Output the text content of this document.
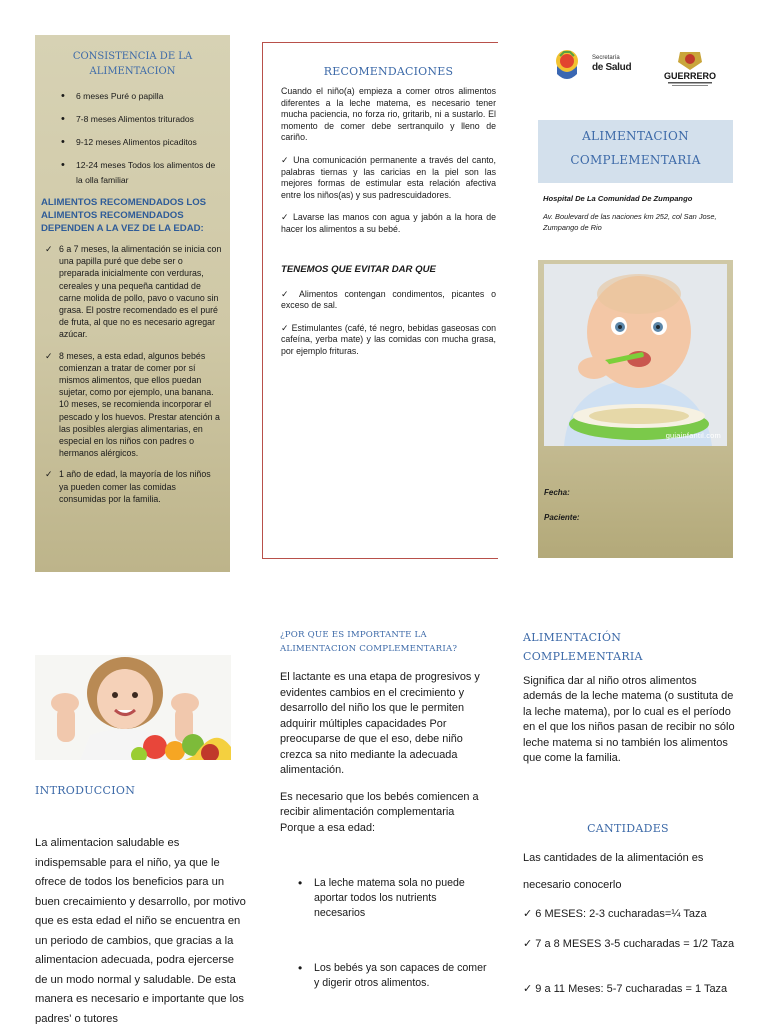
CONSISTENCIA DE LA
ALIMENTACION
• 6 meses Puré o papilla
• 7-8 meses Alimentos triturados
• 9-12 meses Alimentos picaditos
• 12-24 meses Todos los alimentos de la olla familiar
ALIMENTOS RECOMENDADOS LOS ALIMENTOS RECOMENDADOS DEPENDEN A LA VEZ DE LA EDAD:
✓ 6 a 7 meses, la alimentación se inicia con una papilla puré que debe ser o preparada inicialmente con verduras, cereales y una pequeña cantidad de carne molida de pollo, pavo o vacuno sin grasa. El postre recomendado es el puré de fruta, al que no es necesario agregar azúcar.
✓ 8 meses, a esta edad, algunos bebés comienzan a tratar de comer por sí mismos alimentos, que ellos puedan sujetar, como por ejemplo, una banana. 10 meses, se recomienda incorporar el pescado y los huevos. Prestar atención a las posibles alergias alimentarias, en especial en los niños con padres o hermanos alérgicos.
✓ 1 año de edad, la mayoría de los niños ya pueden comer las comidas consumidas por la familia.
RECOMENDACIONES

Cuando el niño(a) empieza a comer otros alimentos diferentes a la leche matema, es necesario tener mucha paciencia, no forza rio, gritarib, ni a sustarlo. El momento de comer debe sertranquilo y lleno de cariño.

✓ Una comunicación permanente a través del canto, palabras tiernas y las caricias en la piel son las mejores formas de estimular esta relación afectiva entre los niños(as) y sus padrescuidadores.

✓ Lavarse las manos con agua y jabón a la hora de hacer los alimentos a su bebé.

TENEMOS QUE EVITAR DAR QUE

✓ Alimentos contengan condimentos, picantes o exceso de sal.

✓ Estimulantes (café, té negro, bebidas gaseosas con cafeína, yerba mate) y las comidas con mucha grasa, por ejemplo frituras.

Secretaría
de Salud
GUERRERO
ALIMENTACION
COMPLEMENTARIA
Hospital De La Comunidad De Zumpango
Av. Boulevard de las naciones km 252, col San Jose, Zumpango de Rio
guiainfantil.com
Fecha:
Paciente:
INTRODUCCION
La alimentacion saludable es indispemsable para el niño, ya que le ofrece de todos los beneficios para un buen crecaimiento y desarrollo, por motivo que es esta edad el niño se encuentra en un periodo de cambios, que gracias a la alimentacion adecuada, podra ejercerse de un modo normal y saludable. De esta manera es necesario e importante que los padres' o tutores
¿POR QUE ES IMPORTANTE LA
ALIMENTACION COMPLEMENTARIA?

El lactante es una etapa de progresivos y evidentes cambios en el crecimiento y desarrollo del niño los que le permiten adquirir múltiples capacidades Por preocuparse de que el eso, debe niño crezca sa nito mediante la adecuada alimentación.

Es necesario que los bebés comiencen a recibir alimentación complementaria Porque a esa edad:

• La leche matema sola no puede aportar todos los nutrients necesarios
• Los bebés ya son capaces de comer y digerir otros alimentos.
ALIMENTACIÓN
COMPLEMENTARIA
Significa dar al niño otros alimentos además de la leche matema (o sustituta de la leche matema), por lo cual es el período en el que los niños pasan de recibir no sólo leche matema si no también los alimentos que come la familia.
CANTIDADES
Las cantidades de la alimentación es
necesario conocerlo
✓ 6 MESES: 2-3 cucharadas=¼ Taza
✓ 7 a 8 MESES 3-5 cucharadas = 1/2 Taza
✓ 9 a 11 Meses: 5-7 cucharadas = 1 Taza
